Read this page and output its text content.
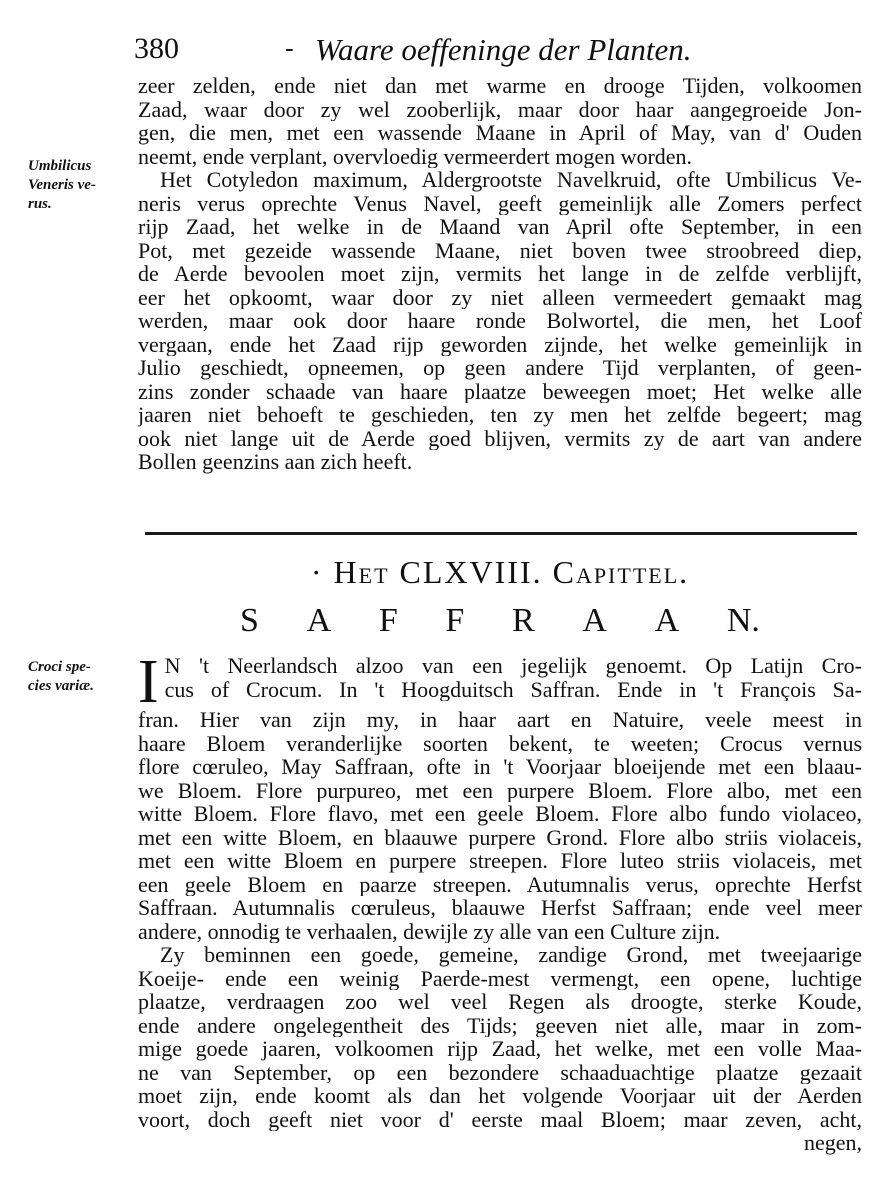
380	- Waare oeffeninge der Planten.
zeer zelden, ende niet dan met warme en drooge Tijden, volkoomen
Zaad, waar door zy wel zooberlijk, maar door haar aangegroeide Jon-
gen, die men, met een wassende Maane in April of May, van d' Ouden
neemt, ende verplant, overvloedig vermeerdert mogen worden.
Het Cotyledon maximum, Aldergrootste Navelkruid, ofte Umbilicus Ve-
neris verus oprechte Venus Navel, geeft gemeinlijk alle Zomers perfect
rijp Zaad, het welke in de Maand van April ofte September, in een
Pot, met gezeide wassende Maane, niet boven twee stroobreed diep,
de Aerde bevoolen moet zijn, vermits het lange in de zelfde verblijft,
eer het opkoomt, waar door zy niet alleen vermeedert gemaakt mag
werden, maar ook door haare ronde Bolwortel, die men, het Loof
vergaan, ende het Zaad rijp geworden zijnde, het welke gemeinlijk in
Julio geschiedt, opneemen, op geen andere Tijd verplanten, of geen-
zins zonder schaade van haare plaatze beweegen moet; Het welke alle
jaaren niet behoeft te geschieden, ten zy men het zelfde begeert; mag
ook niet lange uit de Aerde goed blijven, vermits zy de aart van andere
Bollen geenzins aan zich heeft.
Umbilicus
Veneris ve-
rus.
· Het CLXVIII. Capittel.
S A F F R A A N.
Croci spe-
cies variæ. I N 't Neerlandsch alzoo van een jegelijk genoemt. Op Latijn Cro-
cus of Crocum. In 't Hoogduitsch Saffran. Ende in 't François Sa-
fran. Hier van zijn my, in haar aart en Natuire, veele meest in
haare Bloem veranderlijke soorten bekent, te weeten; Crocus vernus
flore cœruleo, May Saffraan, ofte in 't Voorjaar bloeijende met een blaau-
we Bloem. Flore purpureo, met een purpere Bloem. Flore albo, met een
witte Bloem. Flore flavo, met een geele Bloem. Flore albo fundo violaceo,
met een witte Bloem, en blaauwe purpere Grond. Flore albo striis violaceis,
met een witte Bloem en purpere streepen. Flore luteo striis violaceis, met
een geele Bloem en paarze streepen. Autumnalis verus, oprechte Herfst
Saffraan. Autumnalis cœruleus, blaauwe Herfst Saffraan; ende veel meer
andere, onnodig te verhaalen, dewijle zy alle van een Culture zijn.
Zy beminnen een goede, gemeine, zandige Grond, met tweejaarige
Koeije- ende een weinig Paerde-mest vermengt, een opene, luchtige
plaatze, verdraagen zoo wel veel Regen als droogte, sterke Koude,
ende andere ongelegentheit des Tijds; geeven niet alle, maar in zom-
mige goede jaaren, volkoomen rijp Zaad, het welke, met een volle Maa-
ne van September, op een bezondere schaaduachtige plaatze gezaait
moet zijn, ende koomt als dan het volgende Voorjaar uit der Aerden
voort, doch geeft niet voor d' eerste maal Bloem; maar zeven, acht,
negen,
